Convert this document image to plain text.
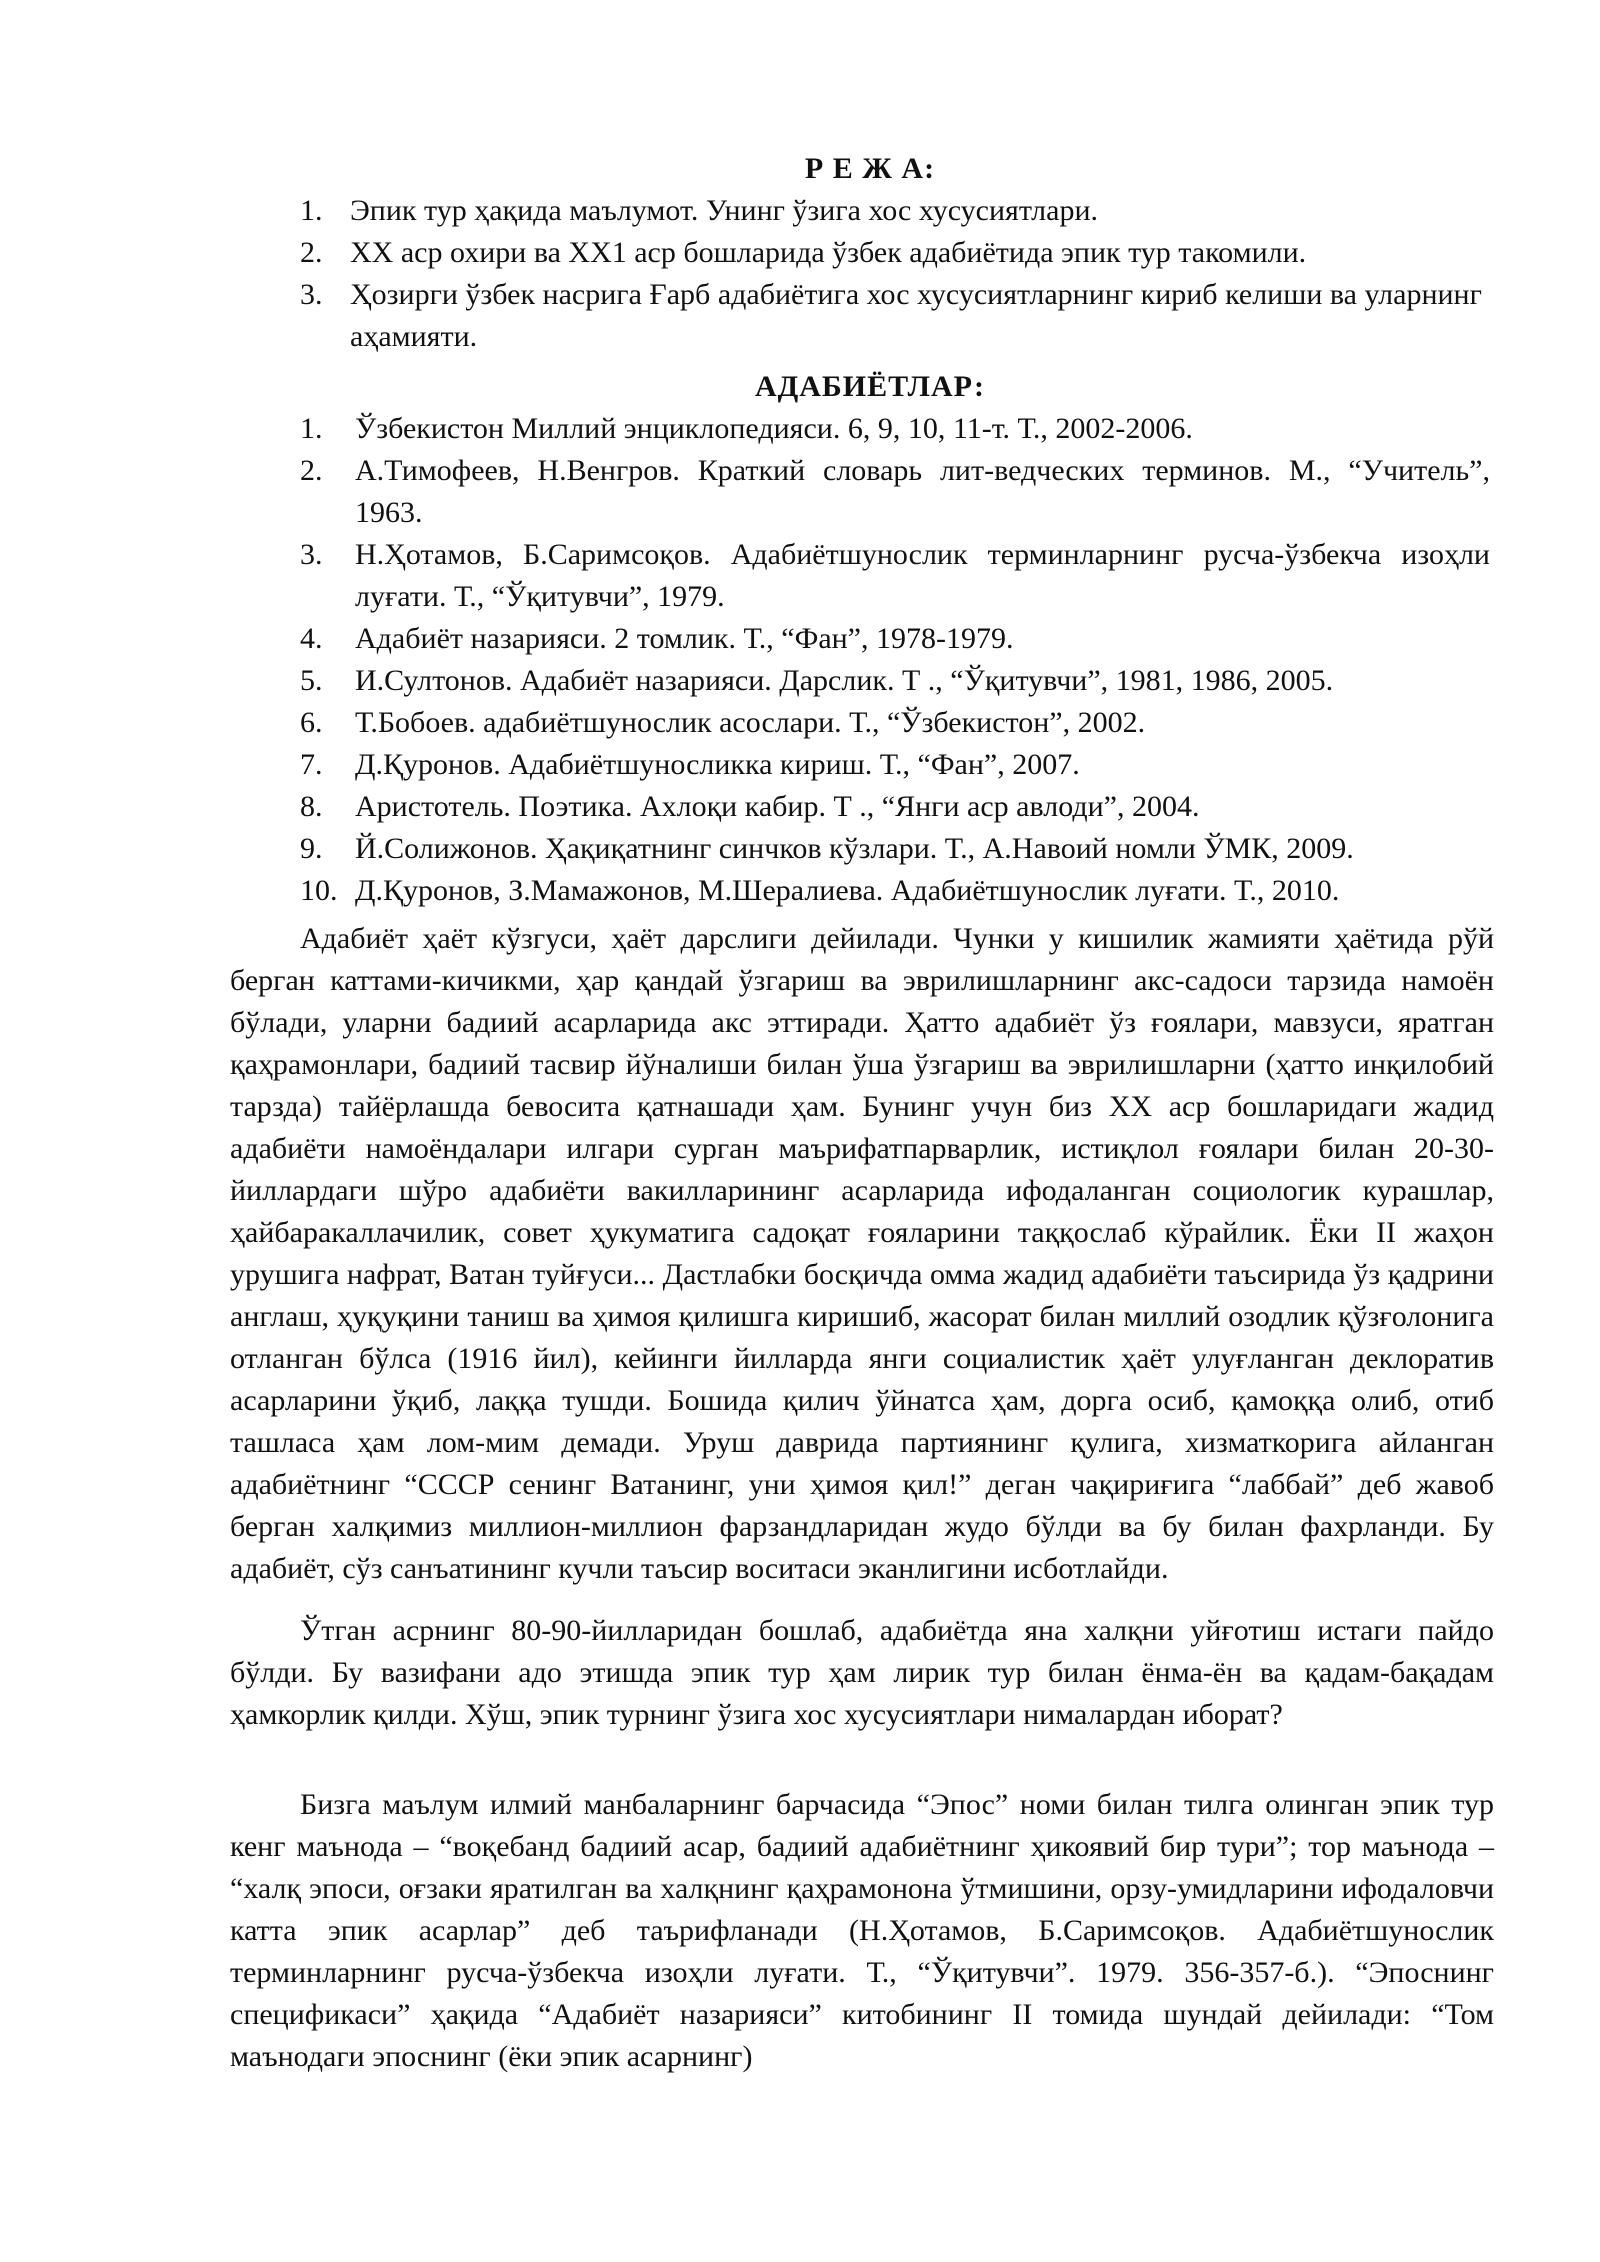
Р Е Ж А:
1. Эпик тур ҳақида маълумот. Унинг ўзига хос хусусиятлари.
2. XX аср охири ва XX1 аср бошларида ўзбек адабиётида эпик тур такомили.
3. Ҳозирги ўзбек насрига Ғарб адабиётига хос хусусиятларнинг кириб келиши ва уларнинг аҳамияти.
АДАБИЁТЛАР:
1. Ўзбекистон Миллий энциклопедияси. 6, 9, 10, 11-т. Т., 2002-2006.
2. А.Тимофеев, Н.Венгров. Краткий словарь лит-ведческих терминов. М., “Учитель”, 1963.
3. Н.Ҳотамов, Б.Саримсоқов. Адабиётшунослик терминларнинг русча-ўзбекча изоҳли луғати. Т., “Ўқитувчи”, 1979.
4. Адабиёт назарияси. 2 томлик. Т., “Фан”, 1978-1979.
5. И.Султонов. Адабиёт назарияси. Дарслик. Т ., “Ўқитувчи”, 1981, 1986, 2005.
6. Т.Бобоев. адабиётшунослик асослари. Т., “Ўзбекистон”, 2002.
7. Д.Қуронов. Адабиётшуносликка кириш. Т., “Фан”, 2007.
8. Аристотель. Поэтика. Ахлоқи кабир. Т ., “Янги аср авлоди”, 2004.
9. Й.Солижонов. Ҳақиқатнинг синчков кўзлари. Т., А.Навоий номли ЎМК, 2009.
10. Д.Қуронов, З.Мамажонов, М.Шералиева. Адабиётшунослик луғати. Т., 2010.

Адабиёт ҳаёт кўзгуси, ҳаёт дарслиги дейилади. Чунки у кишилик жамияти ҳаётида рўй берган каттами-кичикми, ҳар қандай ўзгариш ва эврилишларнинг акс-садоси тарзида намоён бўлади, уларни бадиий асарларида акс эттиради. Ҳатто адабиёт ўз ғоялари, мавзуси, яратган қаҳрамонлари, бадиий тасвир йўналиши билан ўша ўзгариш ва эврилишларни (ҳатто инқилобий тарзда) тайёрлашда бевосита қатнашади ҳам. Бунинг учун биз XX аср бошларидаги жадид адабиёти намоёндалари илгари сурган маърифатпарварлик, истиқлол ғоялари билан 20-30-йиллардаги шўро адабиёти вакилларининг асарларида ифодаланган социологик курашлар, ҳайбаракаллачилик, совет ҳукуматига садоқат ғояларини таққослаб кўрайлик. Ёки II жаҳон урушига нафрат, Ватан туйғуси... Дастлабки босқичда омма жадид адабиёти таъсирида ўз қадрини англаш, ҳуқуқини таниш ва ҳимоя қилишга киришиб, жасорат билан миллий озодлик қўзғолонига отланган бўлса (1916 йил), кейинги йилларда янги социалистик ҳаёт улуғланган деклоратив асарларини ўқиб, лаққа тушди. Бошида қилич ўйнатса ҳам, дорга осиб, қамоққа олиб, отиб ташласа ҳам лом-мим демади. Уруш даврида партиянинг қулига, хизматкорига айланган адабиётнинг “СССР сенинг Ватанинг, уни ҳимоя қил!” деган чақириғига “лаббай” деб жавоб берган халқимиз миллион-миллион фарзандларидан жудо бўлди ва бу билан фахрланди. Бу адабиёт, сўз санъатининг кучли таъсир воситаси эканлигини исботлайди.

Ўтган асрнинг 80-90-йилларидан бошлаб, адабиётда яна халқни уйғотиш истаги пайдо бўлди. Бу вазифани адо этишда эпик тур ҳам лирик тур билан ёнма-ён ва қадам-бақадам ҳамкорлик қилди. Хўш, эпик турнинг ўзига хос хусусиятлари нималардан иборат?

Бизга маълум илмий манбаларнинг барчасида “Эпос” номи билан тилга олинган эпик тур кенг маънода – “воқебанд бадиий асар, бадиий адабиётнинг ҳикоявий бир тури”; тор маънода – “халқ эпоси, оғзаки яратилган ва халқнинг қаҳрамонона ўтмишини, орзу-умидларини ифодаловчи катта эпик асарлар” деб таърифланади (Н.Ҳотамов, Б.Саримсоқов. Адабиётшунослик терминларнинг русча-ўзбекча изоҳли луғати. Т., “Ўқитувчи”. 1979. 356-357-б.). “Эпоснинг спецификаси” ҳақида “Адабиёт назарияси” китобининг II томида шундай дейилади: “Том маънодаги эпоснинг (ёки эпик асарнинг)
